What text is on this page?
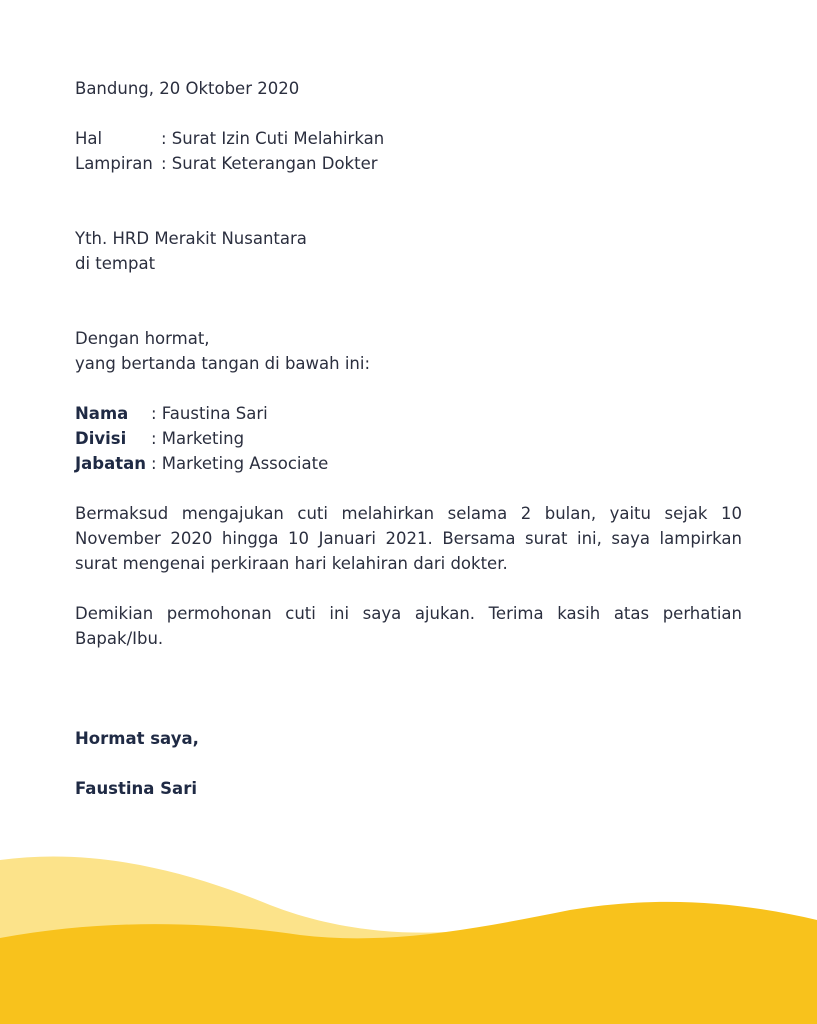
Bandung, 20 Oktober 2020
Hal	: Surat Izin Cuti Melahirkan
Lampiran : Surat Keterangan Dokter
Yth. HRD Merakit Nusantara
di tempat
Dengan hormat,
yang bertanda tangan di bawah ini:
Nama	: Faustina Sari
Divisi	: Marketing
Jabatan : Marketing Associate

Bermaksud mengajukan cuti melahirkan selama 2 bulan, yaitu sejak 10 November 2020 hingga 10 Januari 2021. Bersama surat ini, saya lampirkan surat mengenai perkiraan hari kelahiran dari dokter.

Demikian permohonan cuti ini saya ajukan. Terima kasih atas perhatian Bapak/Ibu.

Hormat saya,
Faustina Sari
